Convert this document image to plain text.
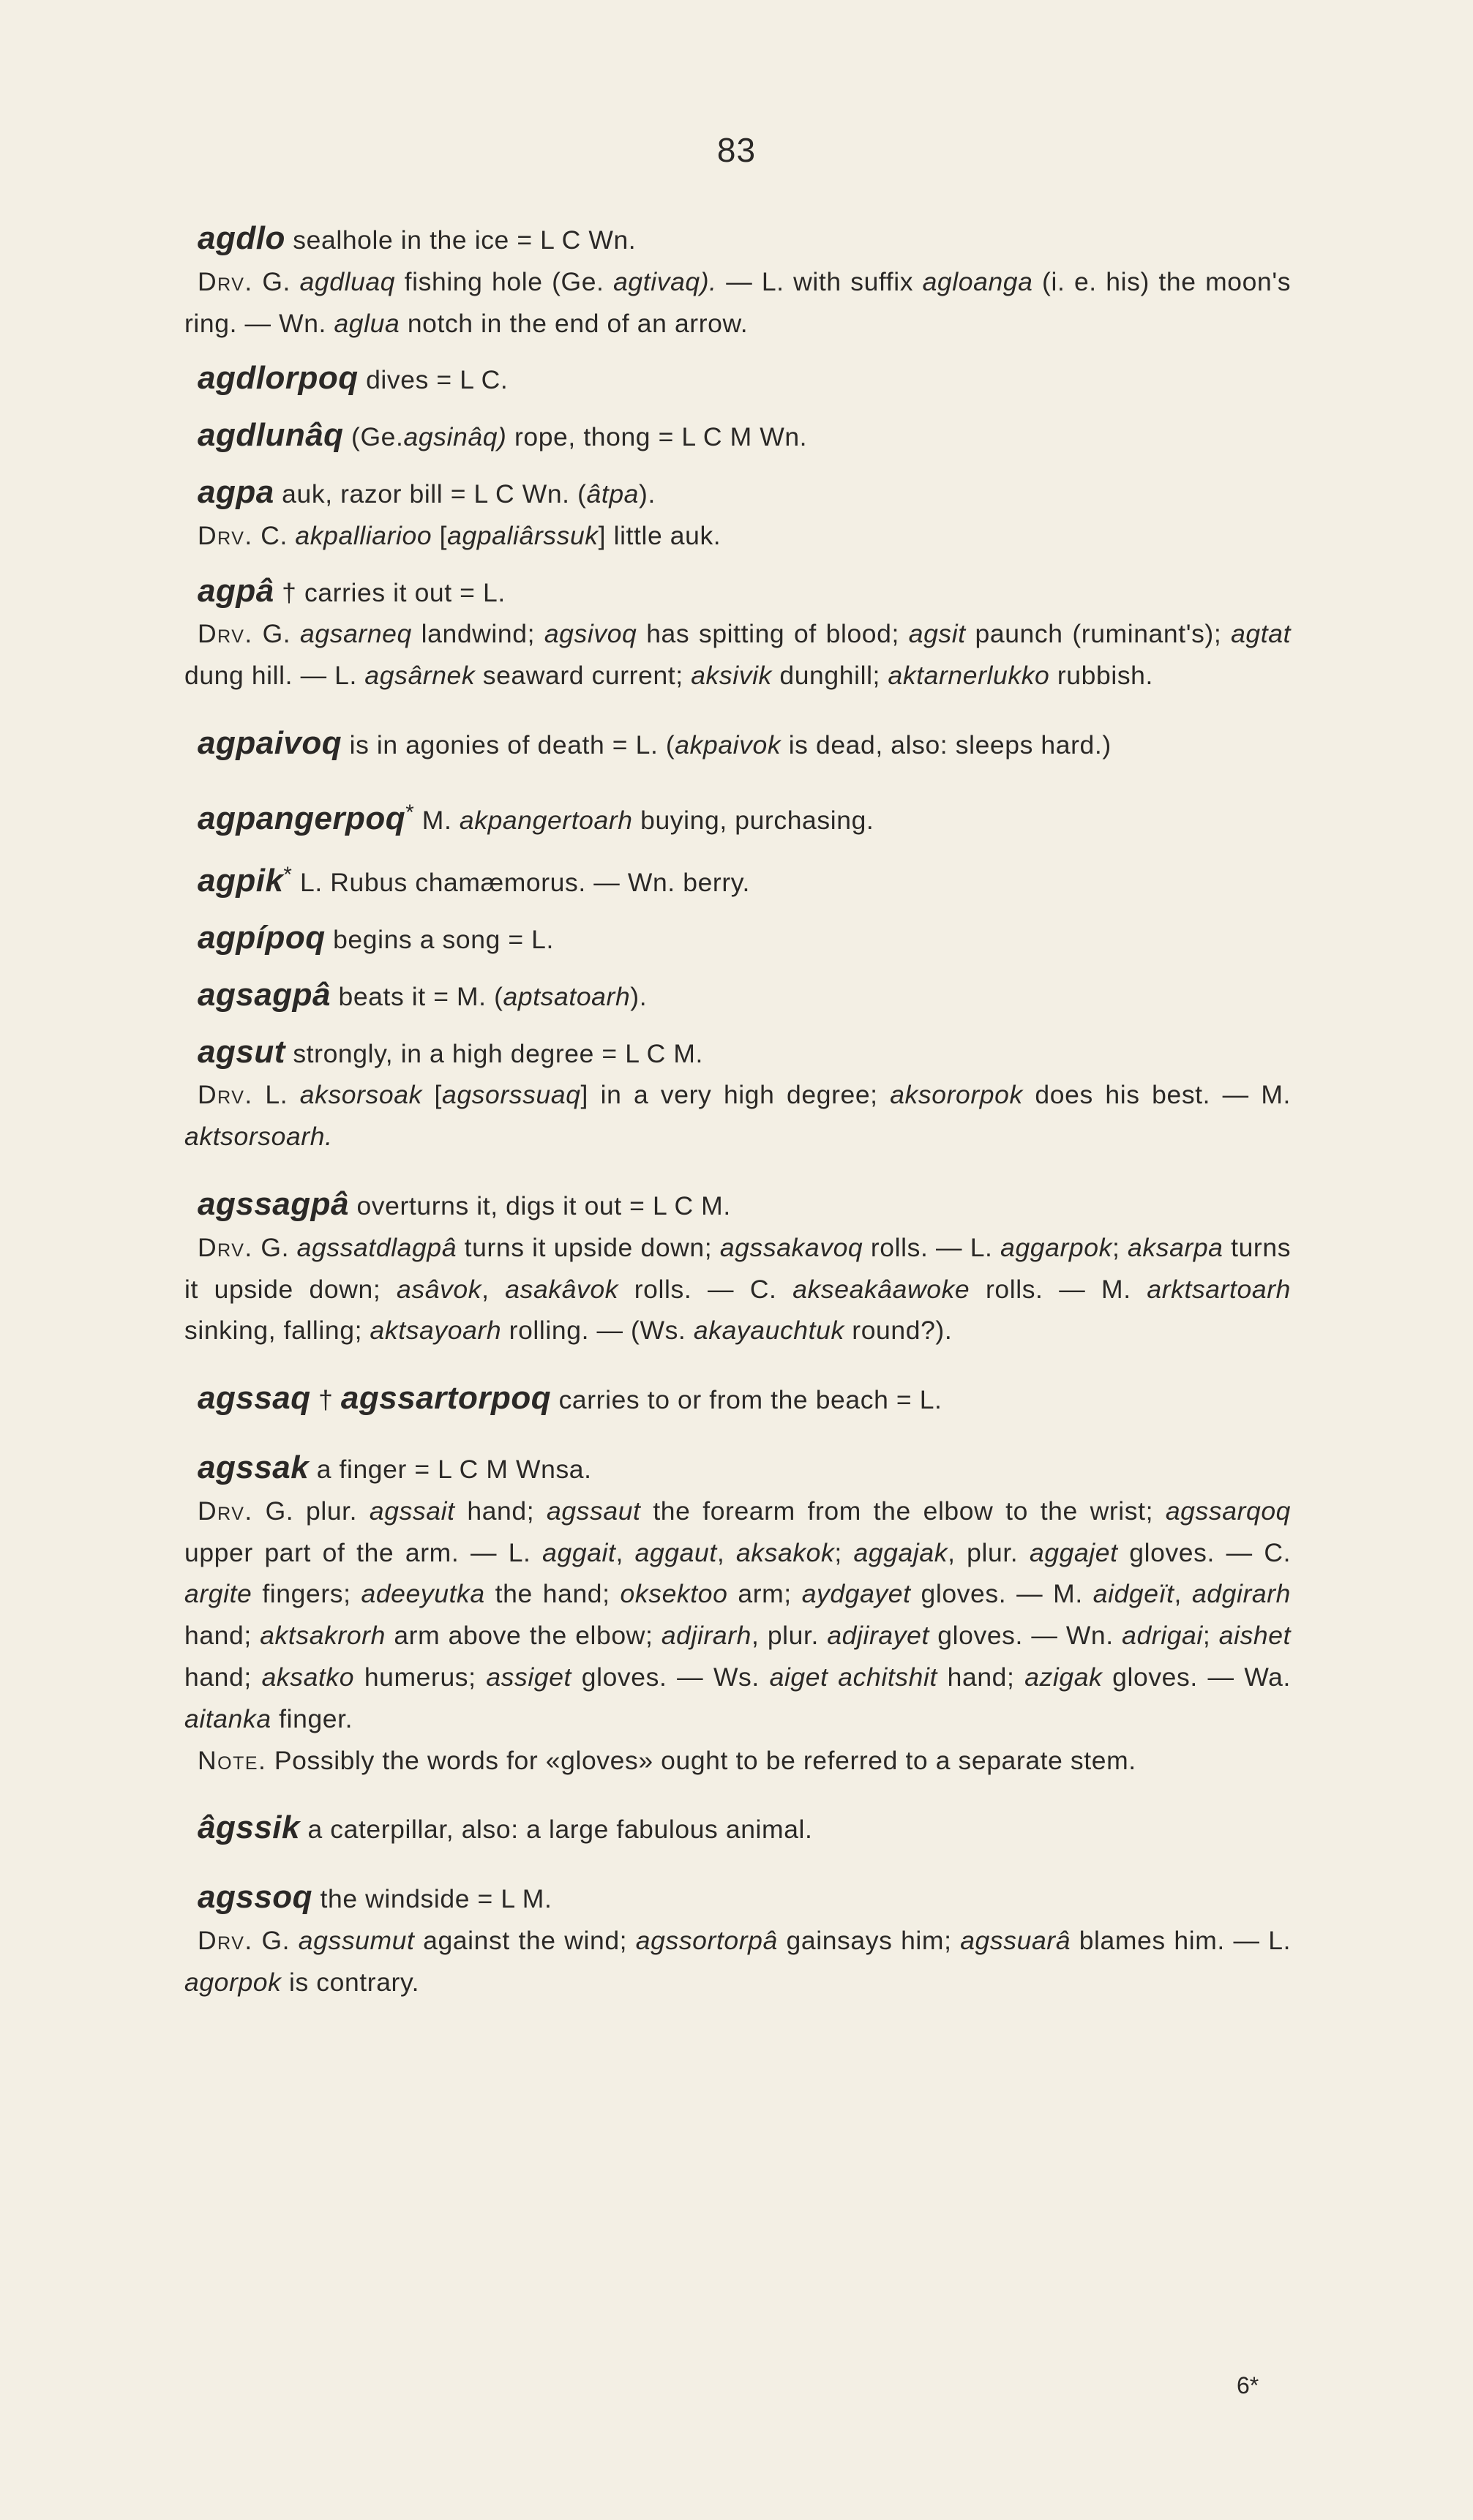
83

agdlo sealhole in the ice = L C Wn.

Drv. G. agdluaq fishing hole (Ge. agtivaq). — L. with suffix agloanga (i. e. his) the moon's ring. — Wn. aglua notch in the end of an arrow.

agdlorpoq dives = L C.

agdlunâq (Ge.agsinâq) rope, thong = L C M Wn.

agpa auk, razor bill = L C Wn. (âtpa).

Drv. C. akpalliarioo [agpaliârssuk] little auk.

agpâ † carries it out = L.

Drv. G. agsarneq landwind; agsivoq has spitting of blood; agsit paunch (ruminant's); agtat dung hill. — L. agsârnek seaward current; aksivik dunghill; aktarnerlukko rubbish.

agpaivoq is in agonies of death = L. (akpaivok is dead, also: sleeps hard.)

agpangerpoq* M. akpangertoarh buying, purchasing.

agpik* L. Rubus chamæmorus. — Wn. berry.

agpípoq begins a song = L.

agsagpâ beats it = M. (aptsatoarh).

agsut strongly, in a high degree = L C M.

Drv. L. aksorsoak [agsorssuaq] in a very high degree; aksororpok does his best. — M. aktsorsoarh.

agssagpâ overturns it, digs it out = L C M.

Drv. G. agssatdlagpâ turns it upside down; agssakavoq rolls. — L. aggarpok; aksarpa turns it upside down; asâvok, asakâvok rolls. — C. akseakâawoke rolls. — M. arktsartoarh sinking, falling; aktsayoarh rolling. — (Ws. akayauchtuk round?).

agssaq † agssartorpoq carries to or from the beach = L.

agssak a finger = L C M Wnsa.

Drv. G. plur. agssait hand; agssaut the forearm from the elbow to the wrist; agssarqoq upper part of the arm. — L. aggait, aggaut, aksakok; aggajak, plur. aggajet gloves. — C. argite fingers; adeeyutka the hand; oksektoo arm; aydgayet gloves. — M. aidgeït, adgirarh hand; aktsakrorh arm above the elbow; adjirarh, plur. adjirayet gloves. — Wn. adrigai; aishet hand; aksatko humerus; assiget gloves. — Ws. aiget achitshit hand; azigak gloves. — Wa. aitanka finger.

Note. Possibly the words for «gloves» ought to be referred to a separate stem.

âgssik a caterpillar, also: a large fabulous animal.

agssoq the windside = L M.

Drv. G. agssumut against the wind; agssortorpâ gainsays him; agssuarâ blames him. — L. agorpok is contrary.

6*
